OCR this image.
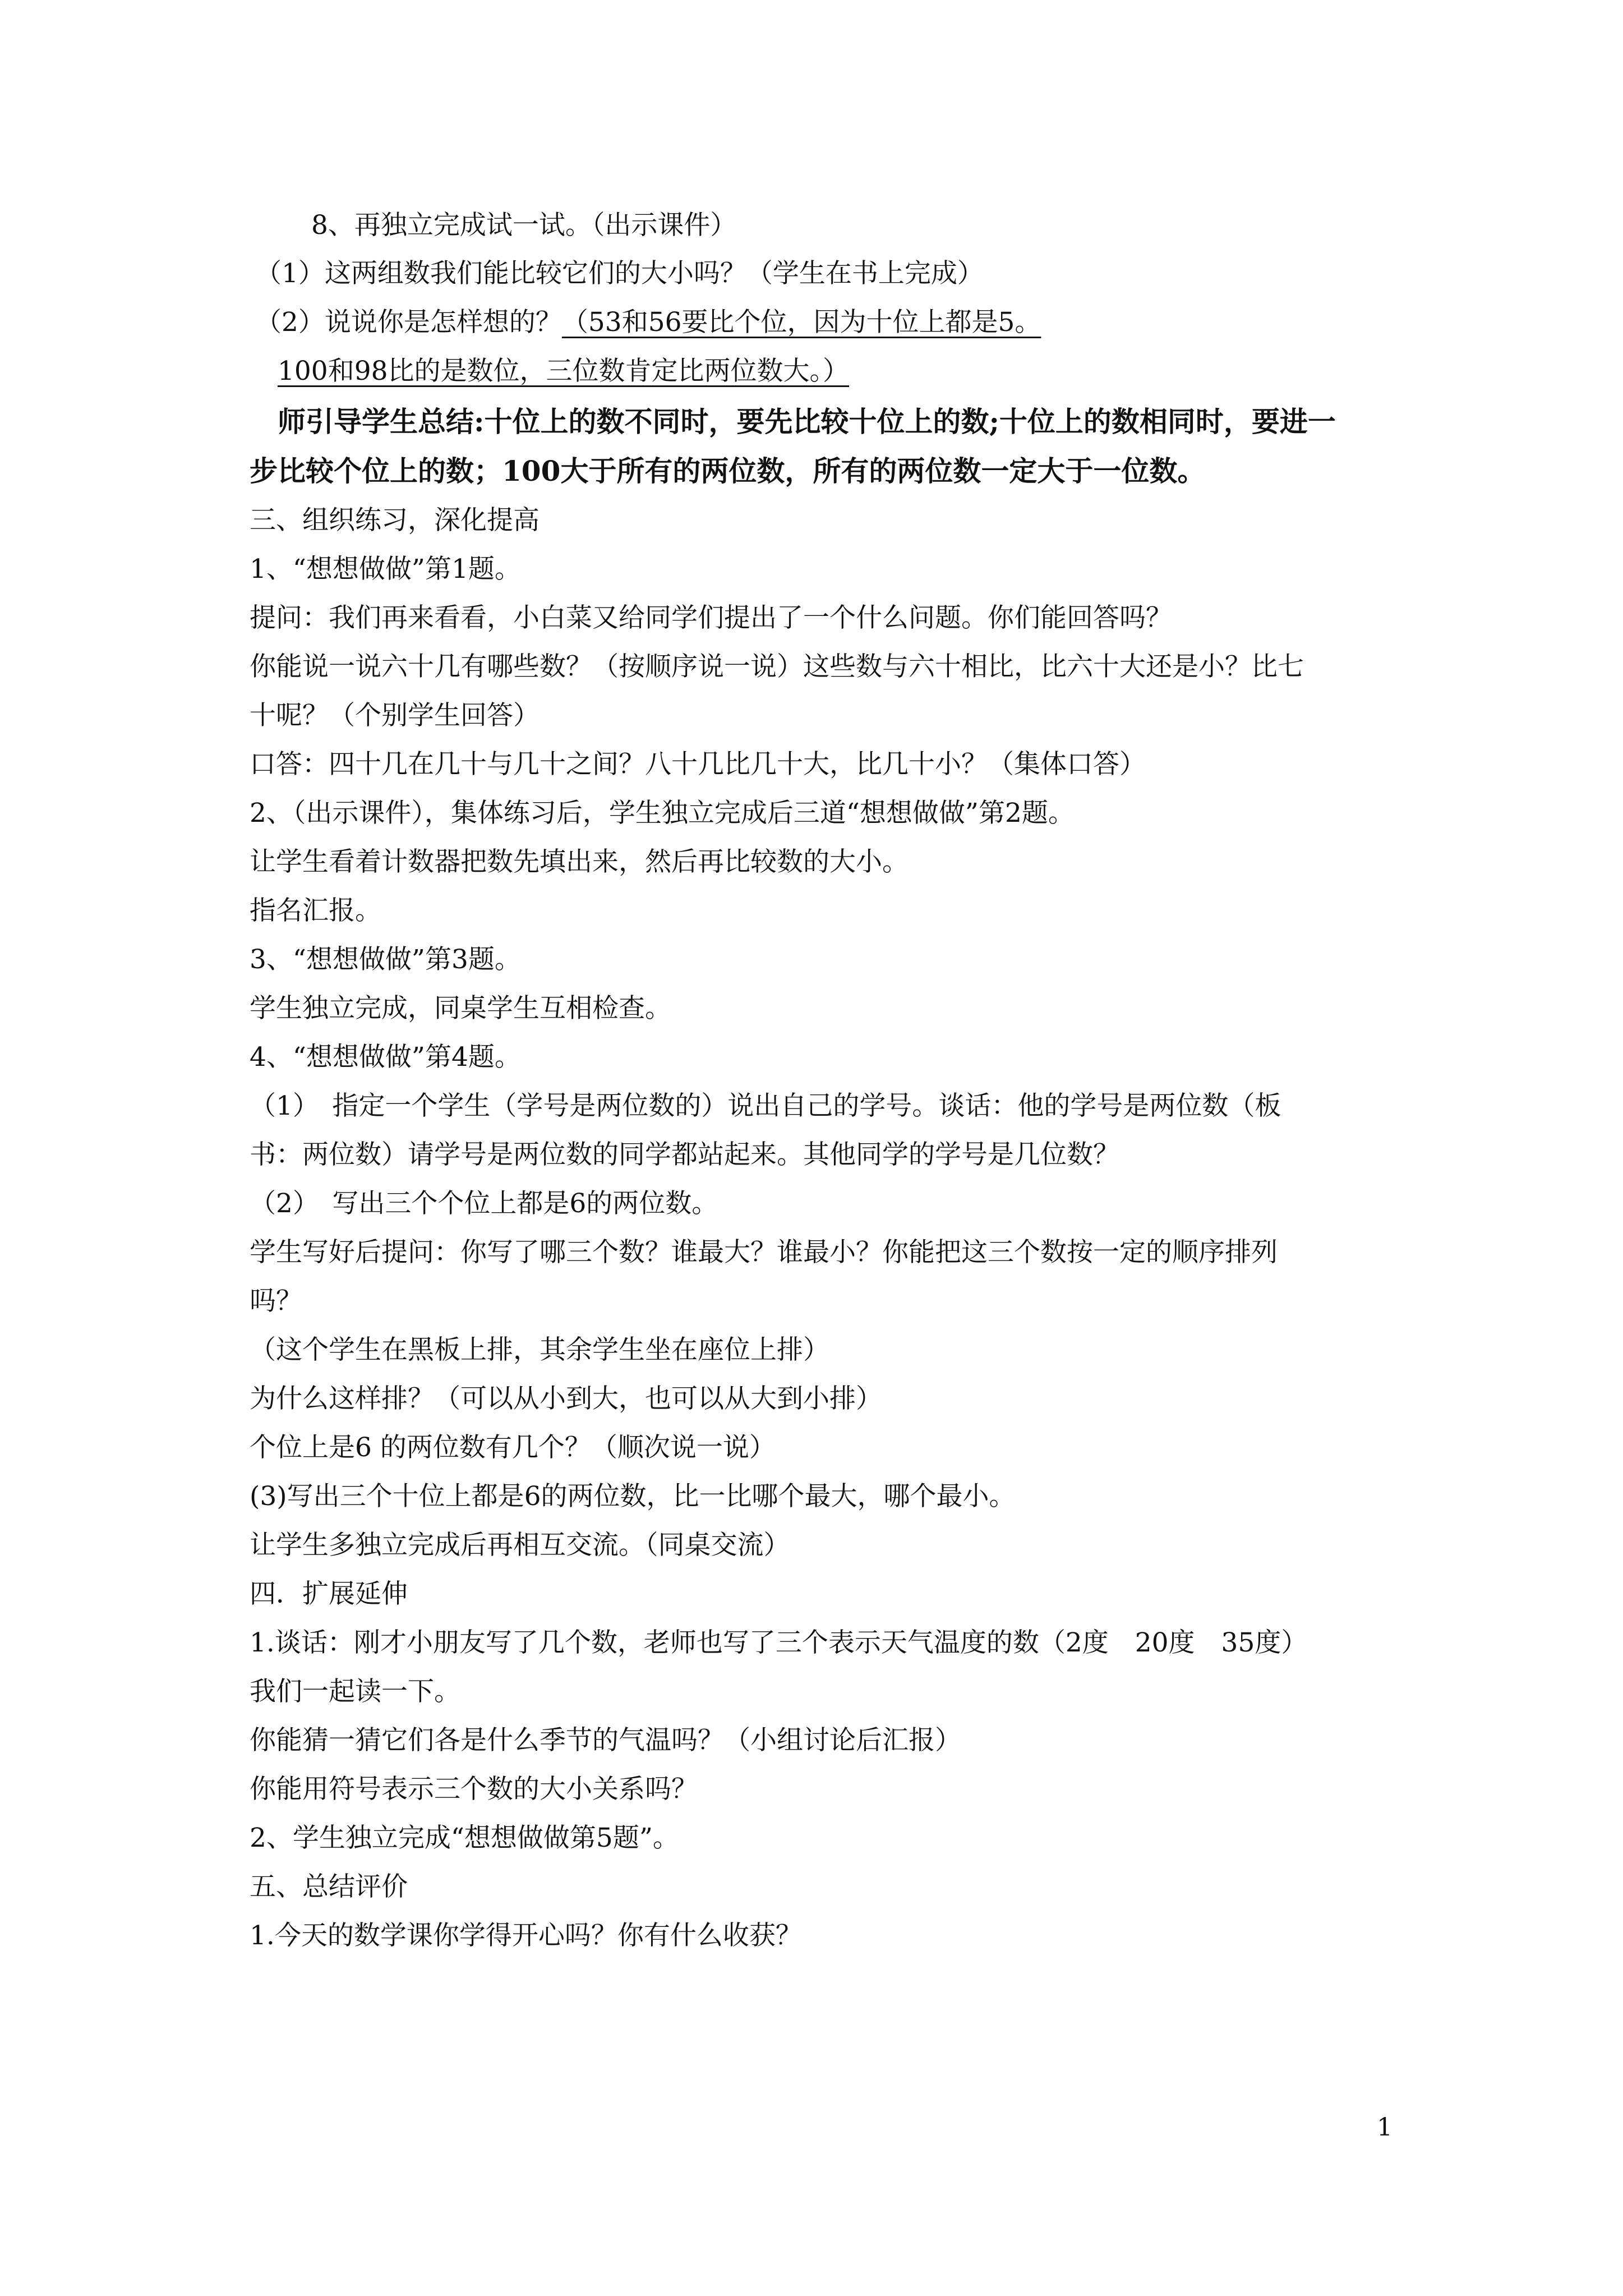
8、再独立完成试一试。（出示课件）
（1）这两组数我们能比较它们的大小吗？（学生在书上完成）
（2）说说你是怎样想的？（53和56要比个位，因为十位上都是5。
100和98比的是数位，三位数肯定比两位数大。）
师引导学生总结:十位上的数不同时，要先比较十位上的数;十位上的数相同时，要进一
步比较个位上的数；100大于所有的两位数，所有的两位数一定大于一位数。
三、组织练习，深化提高
1、“想想做做”第1题。
提问：我们再来看看，小白菜又给同学们提出了一个什么问题。你们能回答吗？
你能说一说六十几有哪些数？（按顺序说一说）这些数与六十相比，比六十大还是小？比七
十呢？（个别学生回答）
口答：四十几在几十与几十之间？八十几比几十大，比几十小？（集体口答）
2、（出示课件），集体练习后，学生独立完成后三道“想想做做”第2题。
让学生看着计数器把数先填出来，然后再比较数的大小。
指名汇报。
3、“想想做做”第3题。
学生独立完成，同桌学生互相检查。
4、“想想做做”第4题。
（1）　指定一个学生（学号是两位数的）说出自己的学号。谈话：他的学号是两位数（板
书：两位数）请学号是两位数的同学都站起来。其他同学的学号是几位数？
（2）　写出三个个位上都是6的两位数。
学生写好后提问：你写了哪三个数？谁最大？谁最小？你能把这三个数按一定的顺序排列
吗？
（这个学生在黑板上排，其余学生坐在座位上排）
为什么这样排？（可以从小到大，也可以从大到小排）
个位上是6 的两位数有几个？（顺次说一说）
(3)写出三个十位上都是6的两位数，比一比哪个最大，哪个最小。
让学生多独立完成后再相互交流。（同桌交流）
四．扩展延伸
1.谈话：刚才小朋友写了几个数，老师也写了三个表示天气温度的数（2度　20度　35度）
我们一起读一下。
你能猜一猜它们各是什么季节的气温吗？（小组讨论后汇报）
你能用符号表示三个数的大小关系吗？
2、学生独立完成“想想做做第5题”。
五、总结评价
1.今天的数学课你学得开心吗？你有什么收获？
1
